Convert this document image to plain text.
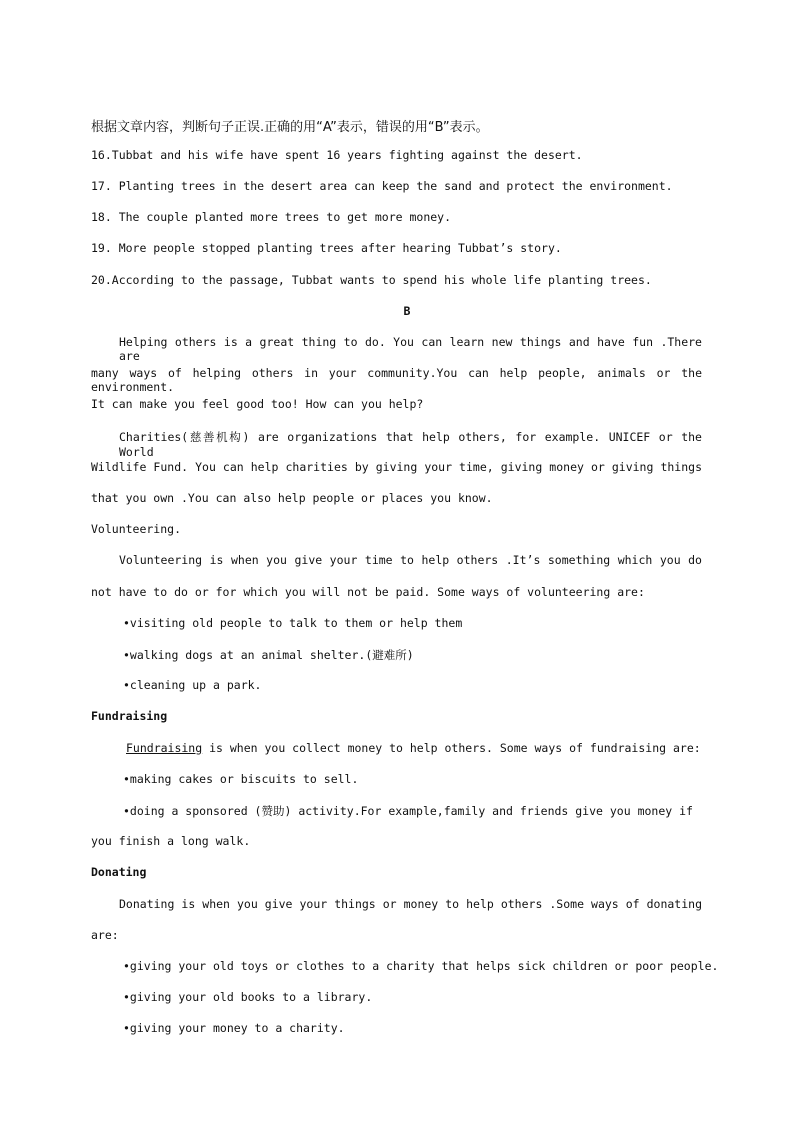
根据文章内容，判断句子正误.正确的用“A”表示，错误的用“B”表示。
16.Tubbat and his wife have spent 16 years fighting against the desert.
17. Planting trees in the desert area can keep the sand and protect the environment.
18. The couple planted more trees to get more money.
19. More people stopped planting trees after hearing Tubbat’s story.
20.According to the passage, Tubbat wants to spend his whole life planting trees.
B
Helping others is a great thing to do. You can learn new things and have fun .There are
many ways of helping others in your community.You can help people, animals or the environment.
It can make you feel good too! How can you help?
Charities(慈善机构) are organizations that help others, for example. UNICEF or the World
Wildlife Fund. You can help charities by giving your time, giving money or giving things
that you own .You can also help people or places you know.
Volunteering.
Volunteering is when you give your time to help others .It’s something which you do
not have to do or for which you will not be paid. Some ways of volunteering are:
•visiting old people to talk to them or help them
•walking dogs at an animal shelter.(避难所)
•cleaning up a park.
Fundraising
Fundraising is when you collect money to help others. Some ways of fundraising are:
•making cakes or biscuits to sell.
•doing a sponsored (赞助) activity.For example,family and friends give you money if
you finish a long walk.
Donating
Donating is when you give your things or money to help others .Some ways of donating
are:
•giving your old toys or clothes to a charity that helps sick children or poor people.
•giving your old books to a library.
•giving your money to a charity.
